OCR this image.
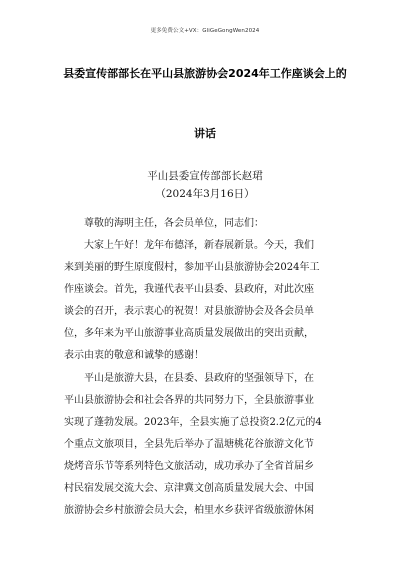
更多免费公文+VX：GliGeGongWen2024
县委宣传部部长在平山县旅游协会2024年工作座谈会上的
讲话
平山县委宣传部部长赵珺
（2024年3月16日）
尊敬的海明主任，各会员单位，同志们：
大家上午好！龙年布德泽，新春展新景。今天，我们
来到美丽的野生原度假村，参加平山县旅游协会2024年工
作座谈会。首先，我谨代表平山县委、县政府，对此次座
谈会的召开，表示衷心的祝贺！对县旅游协会及各会员单
位，多年来为平山旅游事业高质量发展做出的突出贡献，
表示由衷的敬意和诚挚的感谢！
平山是旅游大县，在县委、县政府的坚强领导下，在
平山县旅游协会和社会各界的共同努力下，全县旅游事业
实现了蓬勃发展。2023年，全县实施了总投资2.2亿元的4
个重点文旅项目，全县先后举办了温塘桃花谷旅游文化节
烧烤音乐节等系列特色文旅活动，成功承办了全省首届乡
村民宿发展交流大会、京津冀文创高质量发展大会、中国
旅游协会乡村旅游会员大会，柏里水乡获评省级旅游休闲
